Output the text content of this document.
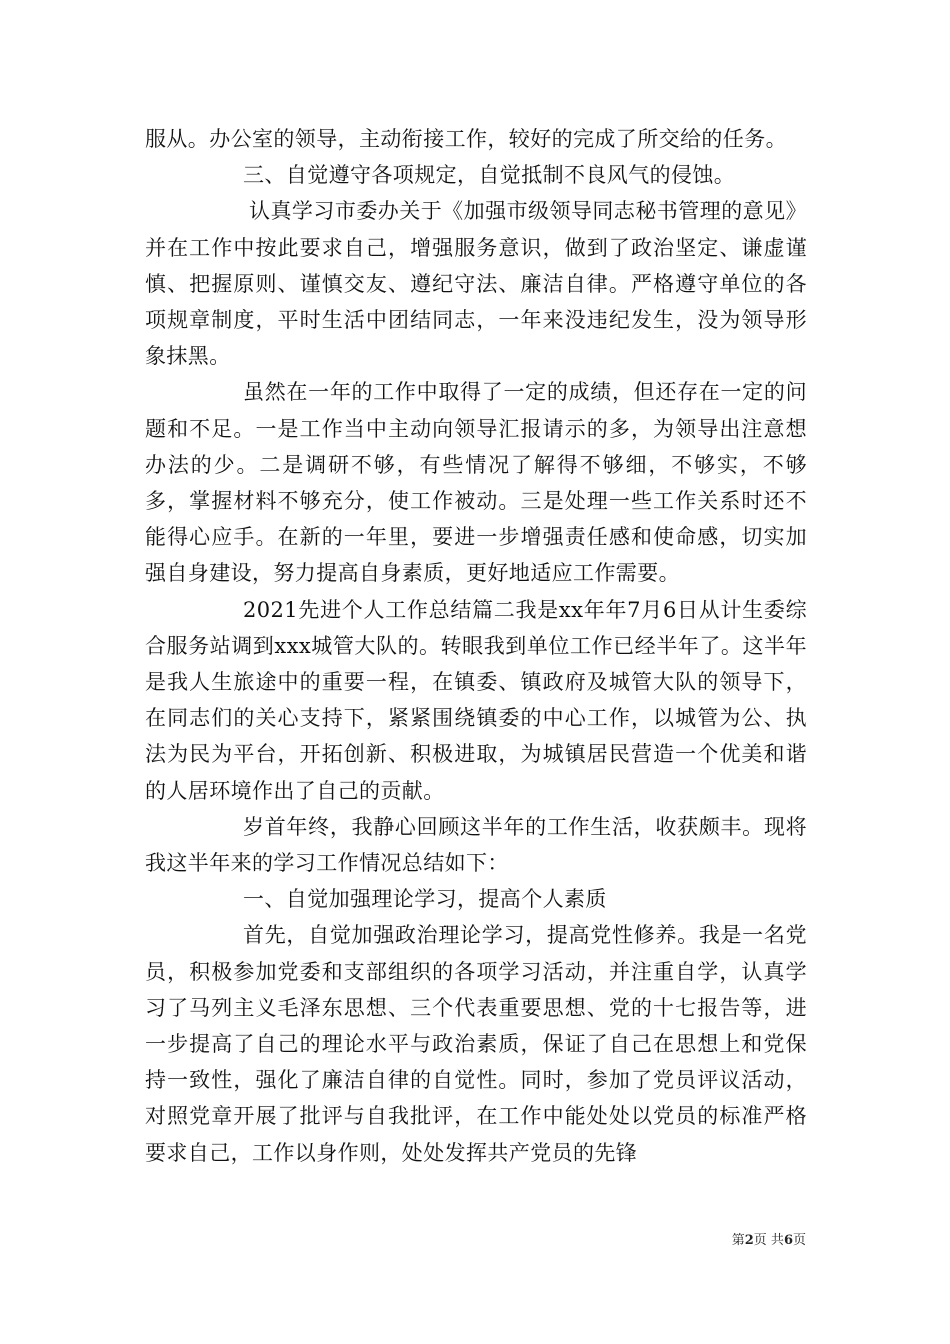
服从。办公室的领导，主动衔接工作，较好的完成了所交给的任务。

三、自觉遵守各项规定，自觉抵制不良风气的侵蚀。

认真学习市委办关于《加强市级领导同志秘书管理的意见》并在工作中按此要求自己，增强服务意识，做到了政治坚定、谦虚谨慎、把握原则、谨慎交友、遵纪守法、廉洁自律。严格遵守单位的各项规章制度，平时生活中团结同志，一年来没违纪发生，没为领导形象抹黑。

虽然在一年的工作中取得了一定的成绩，但还存在一定的问题和不足。一是工作当中主动向领导汇报请示的多，为领导出注意想办法的少。二是调研不够，有些情况了解得不够细，不够实，不够多，掌握材料不够充分，使工作被动。三是处理一些工作关系时还不能得心应手。在新的一年里，要进一步增强责任感和使命感，切实加强自身建设，努力提高自身素质，更好地适应工作需要。

2021先进个人工作总结篇二我是xx年年7月6日从计生委综合服务站调到xxx城管大队的。转眼我到单位工作已经半年了。这半年是我人生旅途中的重要一程，在镇委、镇政府及城管大队的领导下，在同志们的关心支持下，紧紧围绕镇委的中心工作，以城管为公、执法为民为平台，开拓创新、积极进取，为城镇居民营造一个优美和谐的人居环境作出了自己的贡献。

岁首年终，我静心回顾这半年的工作生活，收获颇丰。现将我这半年来的学习工作情况总结如下：

一、自觉加强理论学习，提高个人素质

首先，自觉加强政治理论学习，提高党性修养。我是一名党员，积极参加党委和支部组织的各项学习活动，并注重自学，认真学习了马列主义毛泽东思想、三个代表重要思想、党的十七报告等，进一步提高了自己的理论水平与政治素质，保证了自己在思想上和党保持一致性，强化了廉洁自律的自觉性。同时，参加了党员评议活动，对照党章开展了批评与自我批评，在工作中能处处以党员的标准严格要求自己，工作以身作则，处处发挥共产党员的先锋

第2页 共6页
